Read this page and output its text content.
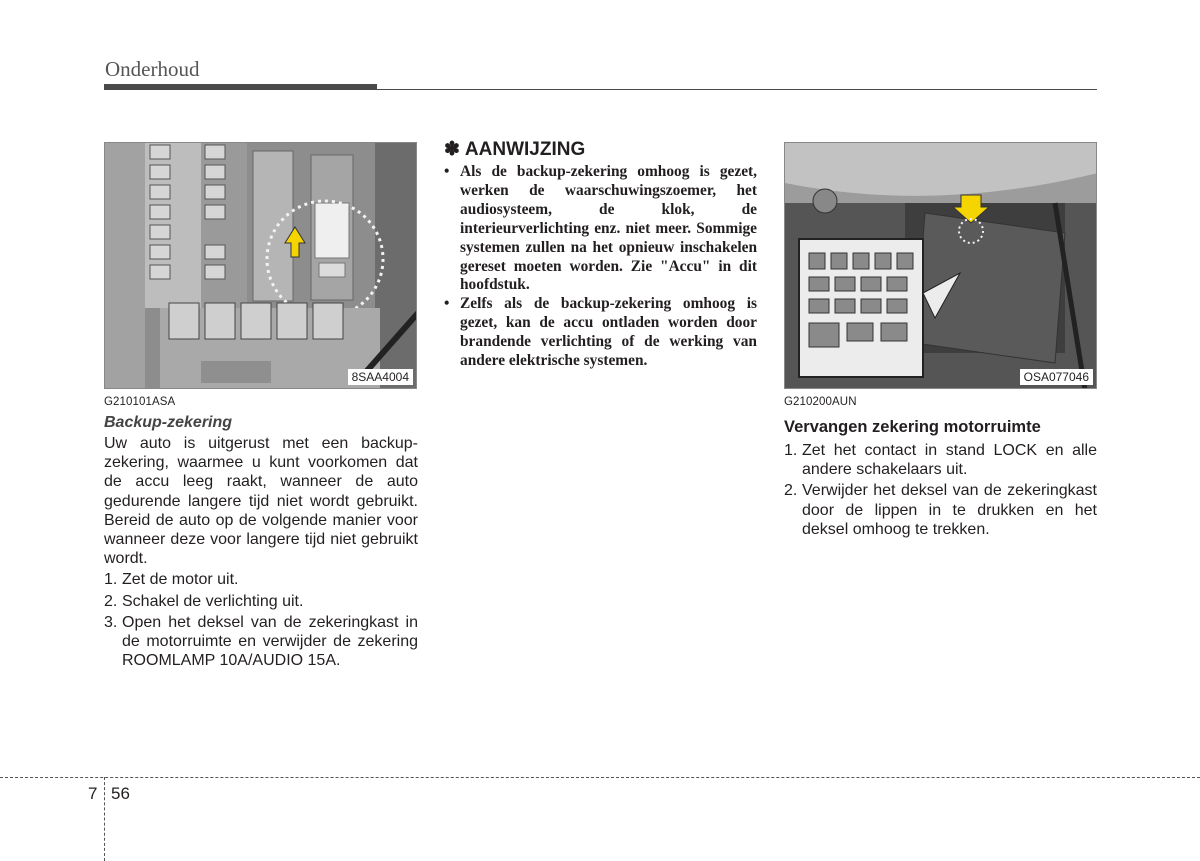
Onderhoud
8SAA4004
G210101ASA
Backup-zekering

Uw auto is uitgerust met een backup-zekering, waarmee u kunt voorkomen dat de accu leeg raakt, wanneer de auto gedurende langere tijd niet wordt gebruikt. Bereid de auto op de volgende manier voor wanneer deze voor langere tijd niet gebruikt wordt.

1. Zet de motor uit.
2. Schakel de verlichting uit.
3. Open het deksel van de zekeringkast in de motorruimte en verwijder de zekering ROOMLAMP 10A/AUDIO 15A.
✽ AANWIJZING
• Als de backup-zekering omhoog is gezet, werken de waarschuwingszoemer, het audiosysteem, de klok, de interieurverlichting enz. niet meer. Sommige systemen zullen na het opnieuw inschakelen gereset moeten worden. Zie "Accu" in dit hoofdstuk.
• Zelfs als de backup-zekering omhoog is gezet, kan de accu ontladen worden door brandende verlichting of de werking van andere elektrische systemen.
OSA077046
G210200AUN
Vervangen zekering motorruimte
1. Zet het contact in stand LOCK en alle andere schakelaars uit.
2. Verwijder het deksel van de zekeringkast door de lippen in te drukken en het deksel omhoog te trekken.
7 56
